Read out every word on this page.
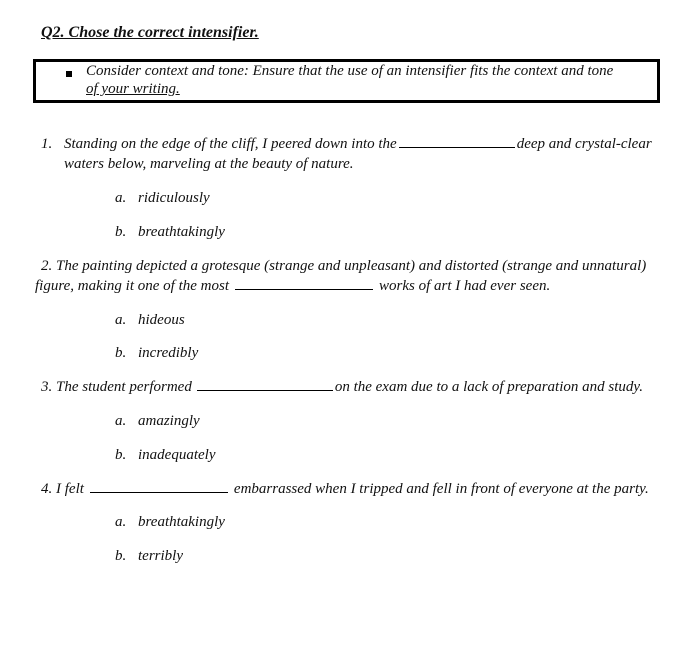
Q2. Chose the correct intensifier.
Consider context and tone: Ensure that the use of an intensifier fits the context and tone
of your writing.
1. Standing on the edge of the cliff, I peered down into the	deep and crystal-clear
waters below, marveling at the beauty of nature.
a. ridiculously
b. breathtakingly
2. The painting depicted a grotesque (strange and unpleasant) and distorted (strange and unnatural)
figure, making it one of the most	works of art I had ever seen.
a. hideous
b. incredibly
3. The student performed	on the exam due to a lack of preparation and study.
a. amazingly
b. inadequately
4. I felt	embarrassed when I tripped and fell in front of everyone at the party.
a. breathtakingly
b. terribly
